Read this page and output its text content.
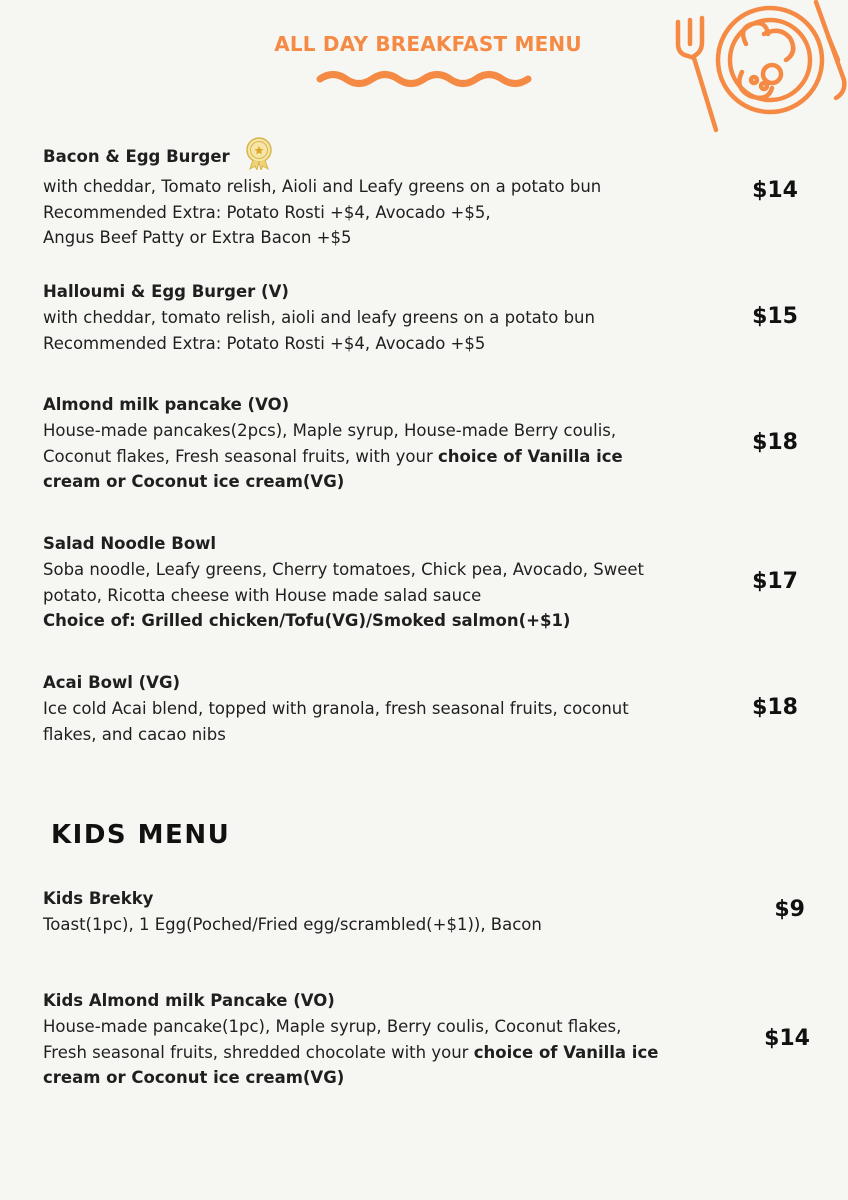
ALL DAY BREAKFAST MENU
Bacon & Egg Burger
with cheddar, Tomato relish, Aioli and Leafy greens on a potato bun
Recommended Extra: Potato Rosti +$4, Avocado +$5,
Angus Beef Patty or Extra Bacon +$5
$14
Halloumi & Egg Burger (V)
with cheddar, tomato relish, aioli and leafy greens on a potato bun
Recommended Extra: Potato Rosti +$4, Avocado +$5
$15
Almond milk pancake (VO)
House-made pancakes(2pcs), Maple syrup, House-made Berry coulis,
Coconut flakes, Fresh seasonal fruits, with your choice of Vanilla ice
cream or Coconut ice cream(VG)
$18
Salad Noodle Bowl
Soba noodle, Leafy greens, Cherry tomatoes, Chick pea, Avocado, Sweet
potato, Ricotta cheese with House made salad sauce
Choice of: Grilled chicken/Tofu(VG)/Smoked salmon(+$1)
$17
Acai Bowl (VG)
Ice cold Acai blend, topped with granola, fresh seasonal fruits, coconut
flakes, and cacao nibs
$18
KIDS MENU
Kids Brekky
Toast(1pc), 1 Egg(Poched/Fried egg/scrambled(+$1)), Bacon
$9
Kids Almond milk Pancake (VO)
House-made pancake(1pc), Maple syrup, Berry coulis, Coconut flakes,
Fresh seasonal fruits, shredded chocolate with your choice of Vanilla ice
cream or Coconut ice cream(VG)
$14
